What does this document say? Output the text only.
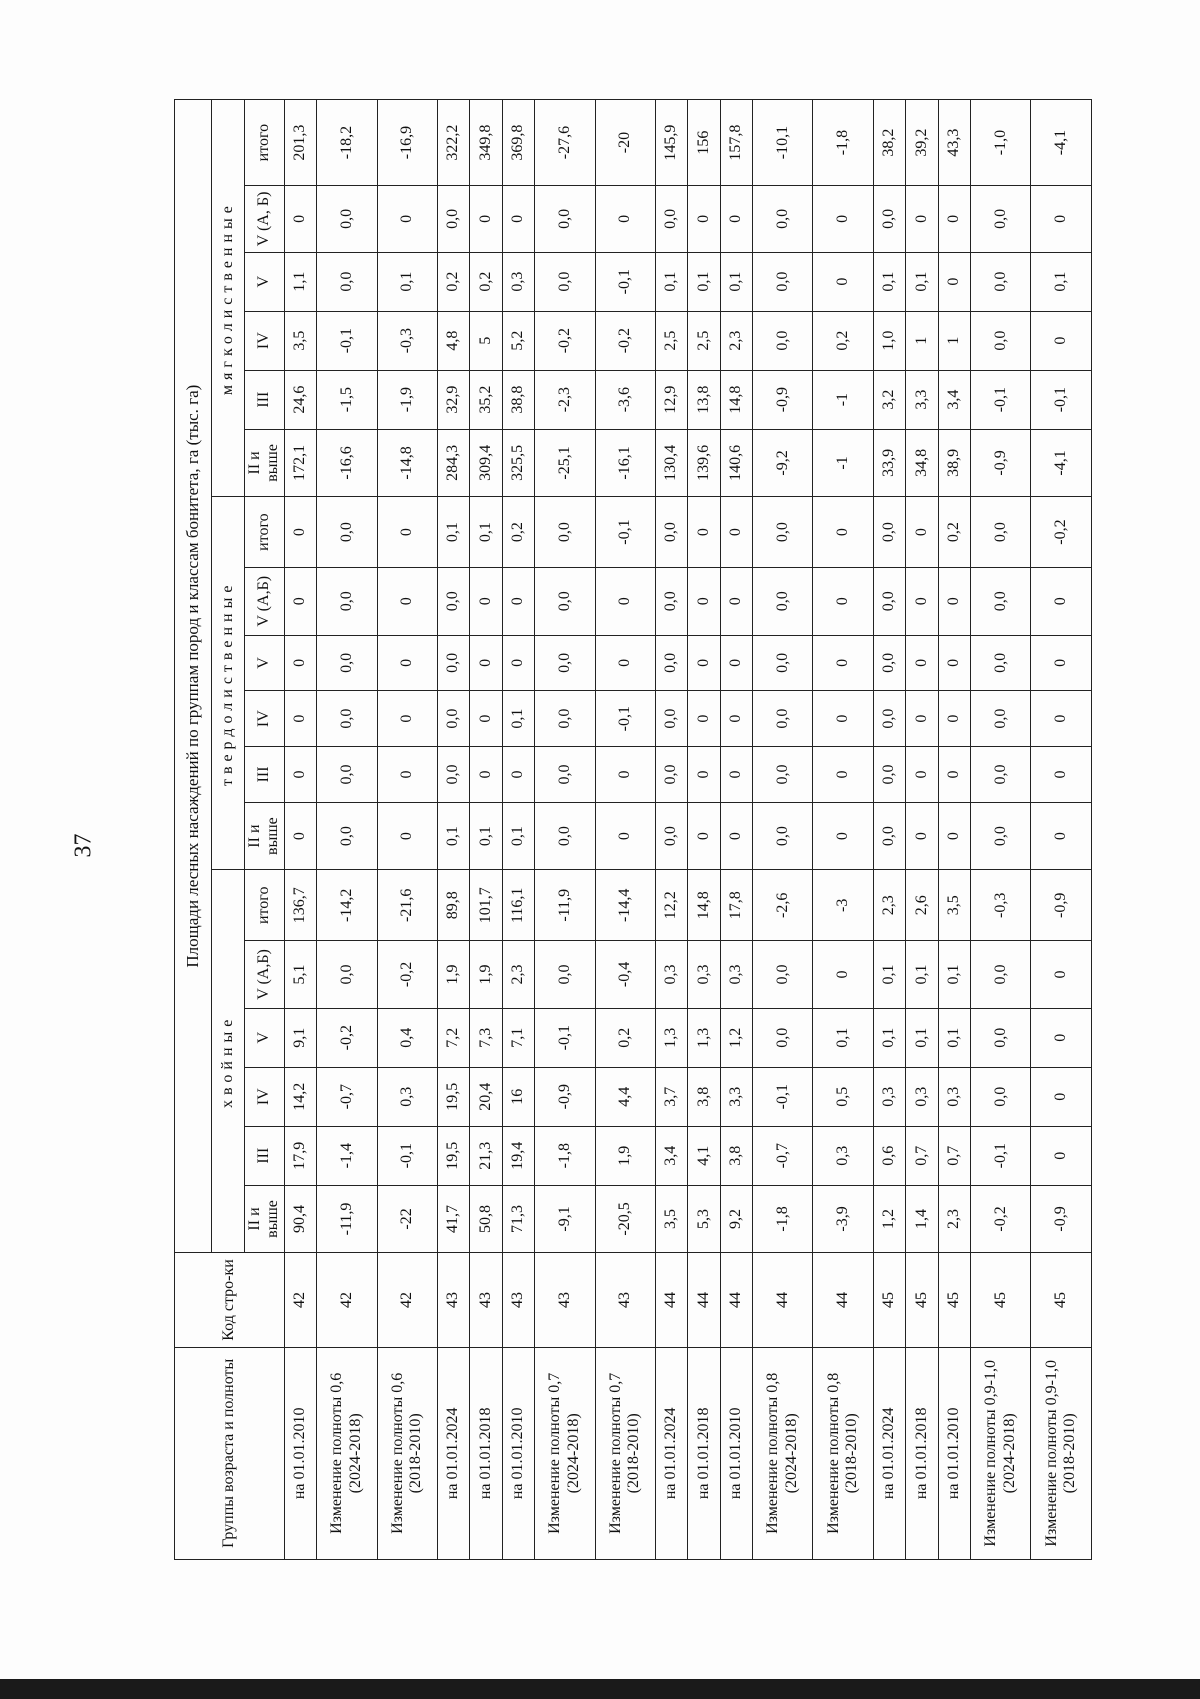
37
Группы возраста и полноты	Код стро-ки	Площади лесных насаждений по группам пород и классам бонитета, га (тыс. га)																	
		хвойные						твердолиственные						мягколиственные					
		II и выше	III	IV	V	V (А,Б)	итого	II и выше	III	IV	V	V (А,Б)	итого	II и выше	III	IV	V	V (А, Б)	итого
на 01.01.2010	42	90,4	17,9	14,2	9,1	5,1	136,7	0	0	0	0	0	0	172,1	24,6	3,5	1,1	0	201,3
Изменение полноты 0,6 (2024-2018)	42	-11,9	-1,4	-0,7	-0,2	0,0	-14,2	0,0	0,0	0,0	0,0	0,0	0,0	-16,6	-1,5	-0,1	0,0	0,0	-18,2
Изменение полноты 0,6 (2018-2010)	42	-22	-0,1	0,3	0,4	-0,2	-21,6	0	0	0	0	0	0	-14,8	-1,9	-0,3	0,1	0	-16,9
на 01.01.2024	43	41,7	19,5	19,5	7,2	1,9	89,8	0,1	0,0	0,0	0,0	0,0	0,1	284,3	32,9	4,8	0,2	0,0	322,2
на 01.01.2018	43	50,8	21,3	20,4	7,3	1,9	101,7	0,1	0	0	0	0	0,1	309,4	35,2	5	0,2	0	349,8
на 01.01.2010	43	71,3	19,4	16	7,1	2,3	116,1	0,1	0	0,1	0	0	0,2	325,5	38,8	5,2	0,3	0	369,8
Изменение полноты 0,7 (2024-2018)	43	-9,1	-1,8	-0,9	-0,1	0,0	-11,9	0,0	0,0	0,0	0,0	0,0	0,0	-25,1	-2,3	-0,2	0,0	0,0	-27,6
Изменение полноты 0,7 (2018-2010)	43	-20,5	1,9	4,4	0,2	-0,4	-14,4	0	0	-0,1	0	0	-0,1	-16,1	-3,6	-0,2	-0,1	0	-20
на 01.01.2024	44	3,5	3,4	3,7	1,3	0,3	12,2	0,0	0,0	0,0	0,0	0,0	0,0	130,4	12,9	2,5	0,1	0,0	145,9
на 01.01.2018	44	5,3	4,1	3,8	1,3	0,3	14,8	0	0	0	0	0	0	139,6	13,8	2,5	0,1	0	156
на 01.01.2010	44	9,2	3,8	3,3	1,2	0,3	17,8	0	0	0	0	0	0	140,6	14,8	2,3	0,1	0	157,8
Изменение полноты 0,8 (2024-2018)	44	-1,8	-0,7	-0,1	0,0	0,0	-2,6	0,0	0,0	0,0	0,0	0,0	0,0	-9,2	-0,9	0,0	0,0	0,0	-10,1
Изменение полноты 0,8 (2018-2010)	44	-3,9	0,3	0,5	0,1	0	-3	0	0	0	0	0	0	-1	-1	0,2	0	0	-1,8
на 01.01.2024	45	1,2	0,6	0,3	0,1	0,1	2,3	0,0	0,0	0,0	0,0	0,0	0,0	33,9	3,2	1,0	0,1	0,0	38,2
на 01.01.2018	45	1,4	0,7	0,3	0,1	0,1	2,6	0	0	0	0	0	0	34,8	3,3	1	0,1	0	39,2
на 01.01.2010	45	2,3	0,7	0,3	0,1	0,1	3,5	0	0	0	0	0	0,2	38,9	3,4	1	0	0	43,3
Изменение полноты 0,9-1,0 (2024-2018)	45	-0,2	-0,1	0,0	0,0	0,0	-0,3	0,0	0,0	0,0	0,0	0,0	0,0	-0,9	-0,1	0,0	0,0	0,0	-1,0
Изменение полноты 0,9-1,0 (2018-2010)	45	-0,9	0	0	0	0	-0,9	0	0	0	0	0	-0,2	-4,1	-0,1	0	0,1	0	-4,1
